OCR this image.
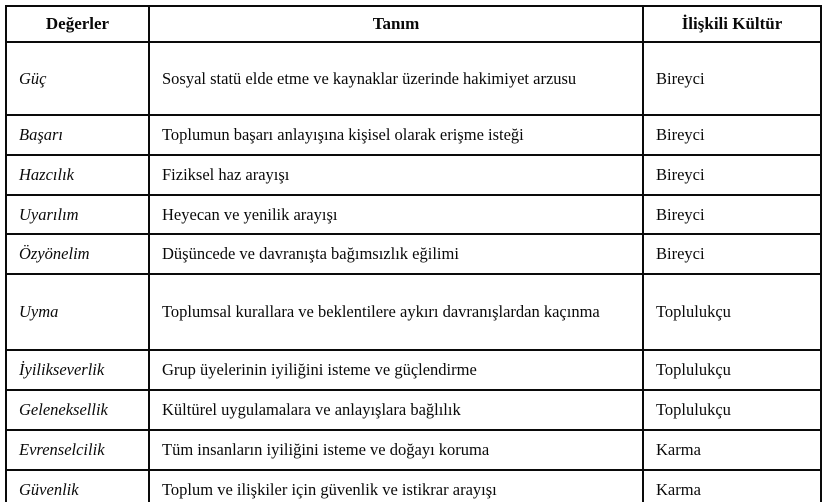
Değerler	Tanım	İlişkili Kültür
Güç	Sosyal statü elde etme ve kaynaklar üzerinde hakimiyet arzusu	Bireyci
Başarı	Toplumun başarı anlayışına kişisel olarak erişme isteği	Bireyci
Hazcılık	Fiziksel haz arayışı	Bireyci
Uyarılım	Heyecan ve yenilik arayışı	Bireyci
Özyönelim	Düşüncede ve davranışta bağımsızlık eğilimi	Bireyci
Uyma	Toplumsal kurallara ve beklentilere aykırı davranışlardan kaçınma	Toplulukçu
İyilikseverlik	Grup üyelerinin iyiliğini isteme ve güçlendirme	Toplulukçu
Geleneksellik	Kültürel uygulamalara ve anlayışlara bağlılık	Toplulukçu
Evrenselcilik	Tüm insanların iyiliğini isteme ve doğayı koruma	Karma
Güvenlik	Toplum ve ilişkiler için güvenlik ve istikrar arayışı	Karma
